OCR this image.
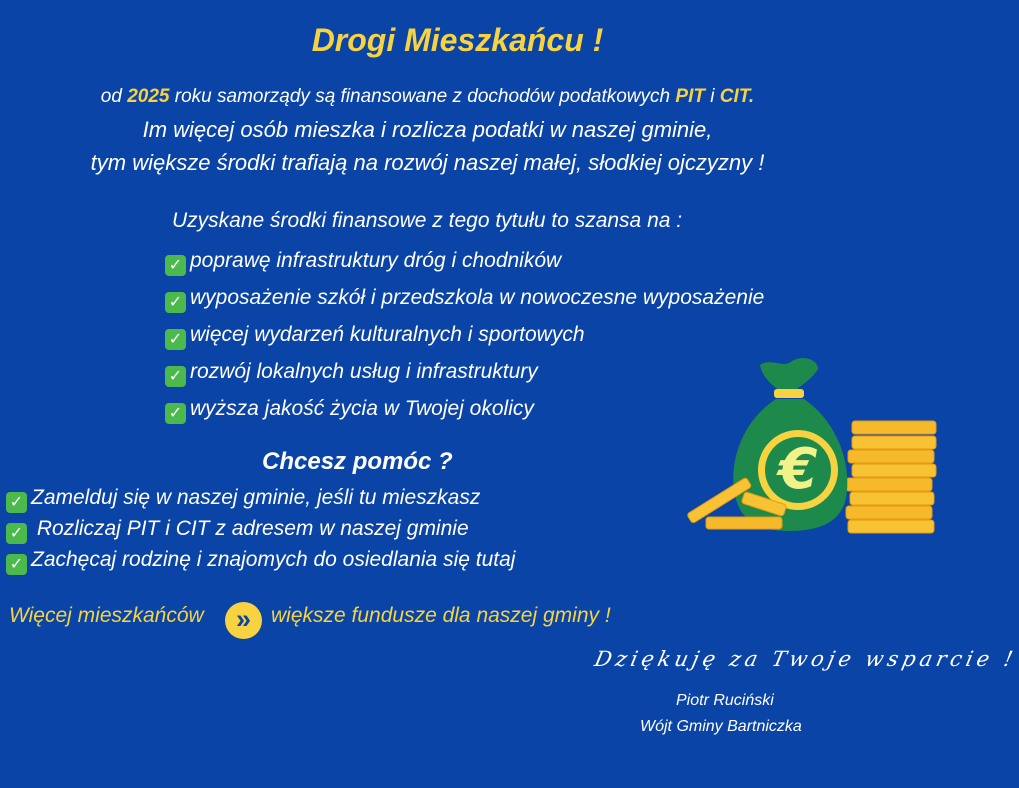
Drogi Mieszkańcu !
od 2025 roku samorządy są finansowane z dochodów podatkowych PIT i CIT.
Im więcej osób mieszka i rozlicza podatki w naszej gminie,
tym większe środki trafiają na rozwój naszej małej, słodkiej ojczyzny !
Uzyskane środki finansowe z tego tytułu to szansa na :
✓ poprawę infrastruktury dróg i chodników
✓ wyposażenie szkół i przedszkola w nowoczesne wyposażenie
✓ więcej wydarzeń kulturalnych i sportowych
✓ rozwój lokalnych usług i infrastruktury
✓ wyższa jakość życia w Twojej okolicy
Chcesz pomóc ?
✓ Zamelduj się w naszej gminie, jeśli tu mieszkasz
✓ Rozliczaj PIT i CIT z adresem w naszej gminie
✓ Zachęcaj rodzinę i znajomych do osiedlania się tutaj
Więcej mieszkańców	» większe fundusze dla naszej gminy !
Dziękuję za Twoje wsparcie !
Piotr Ruciński
Wójt Gminy Bartniczka
€
